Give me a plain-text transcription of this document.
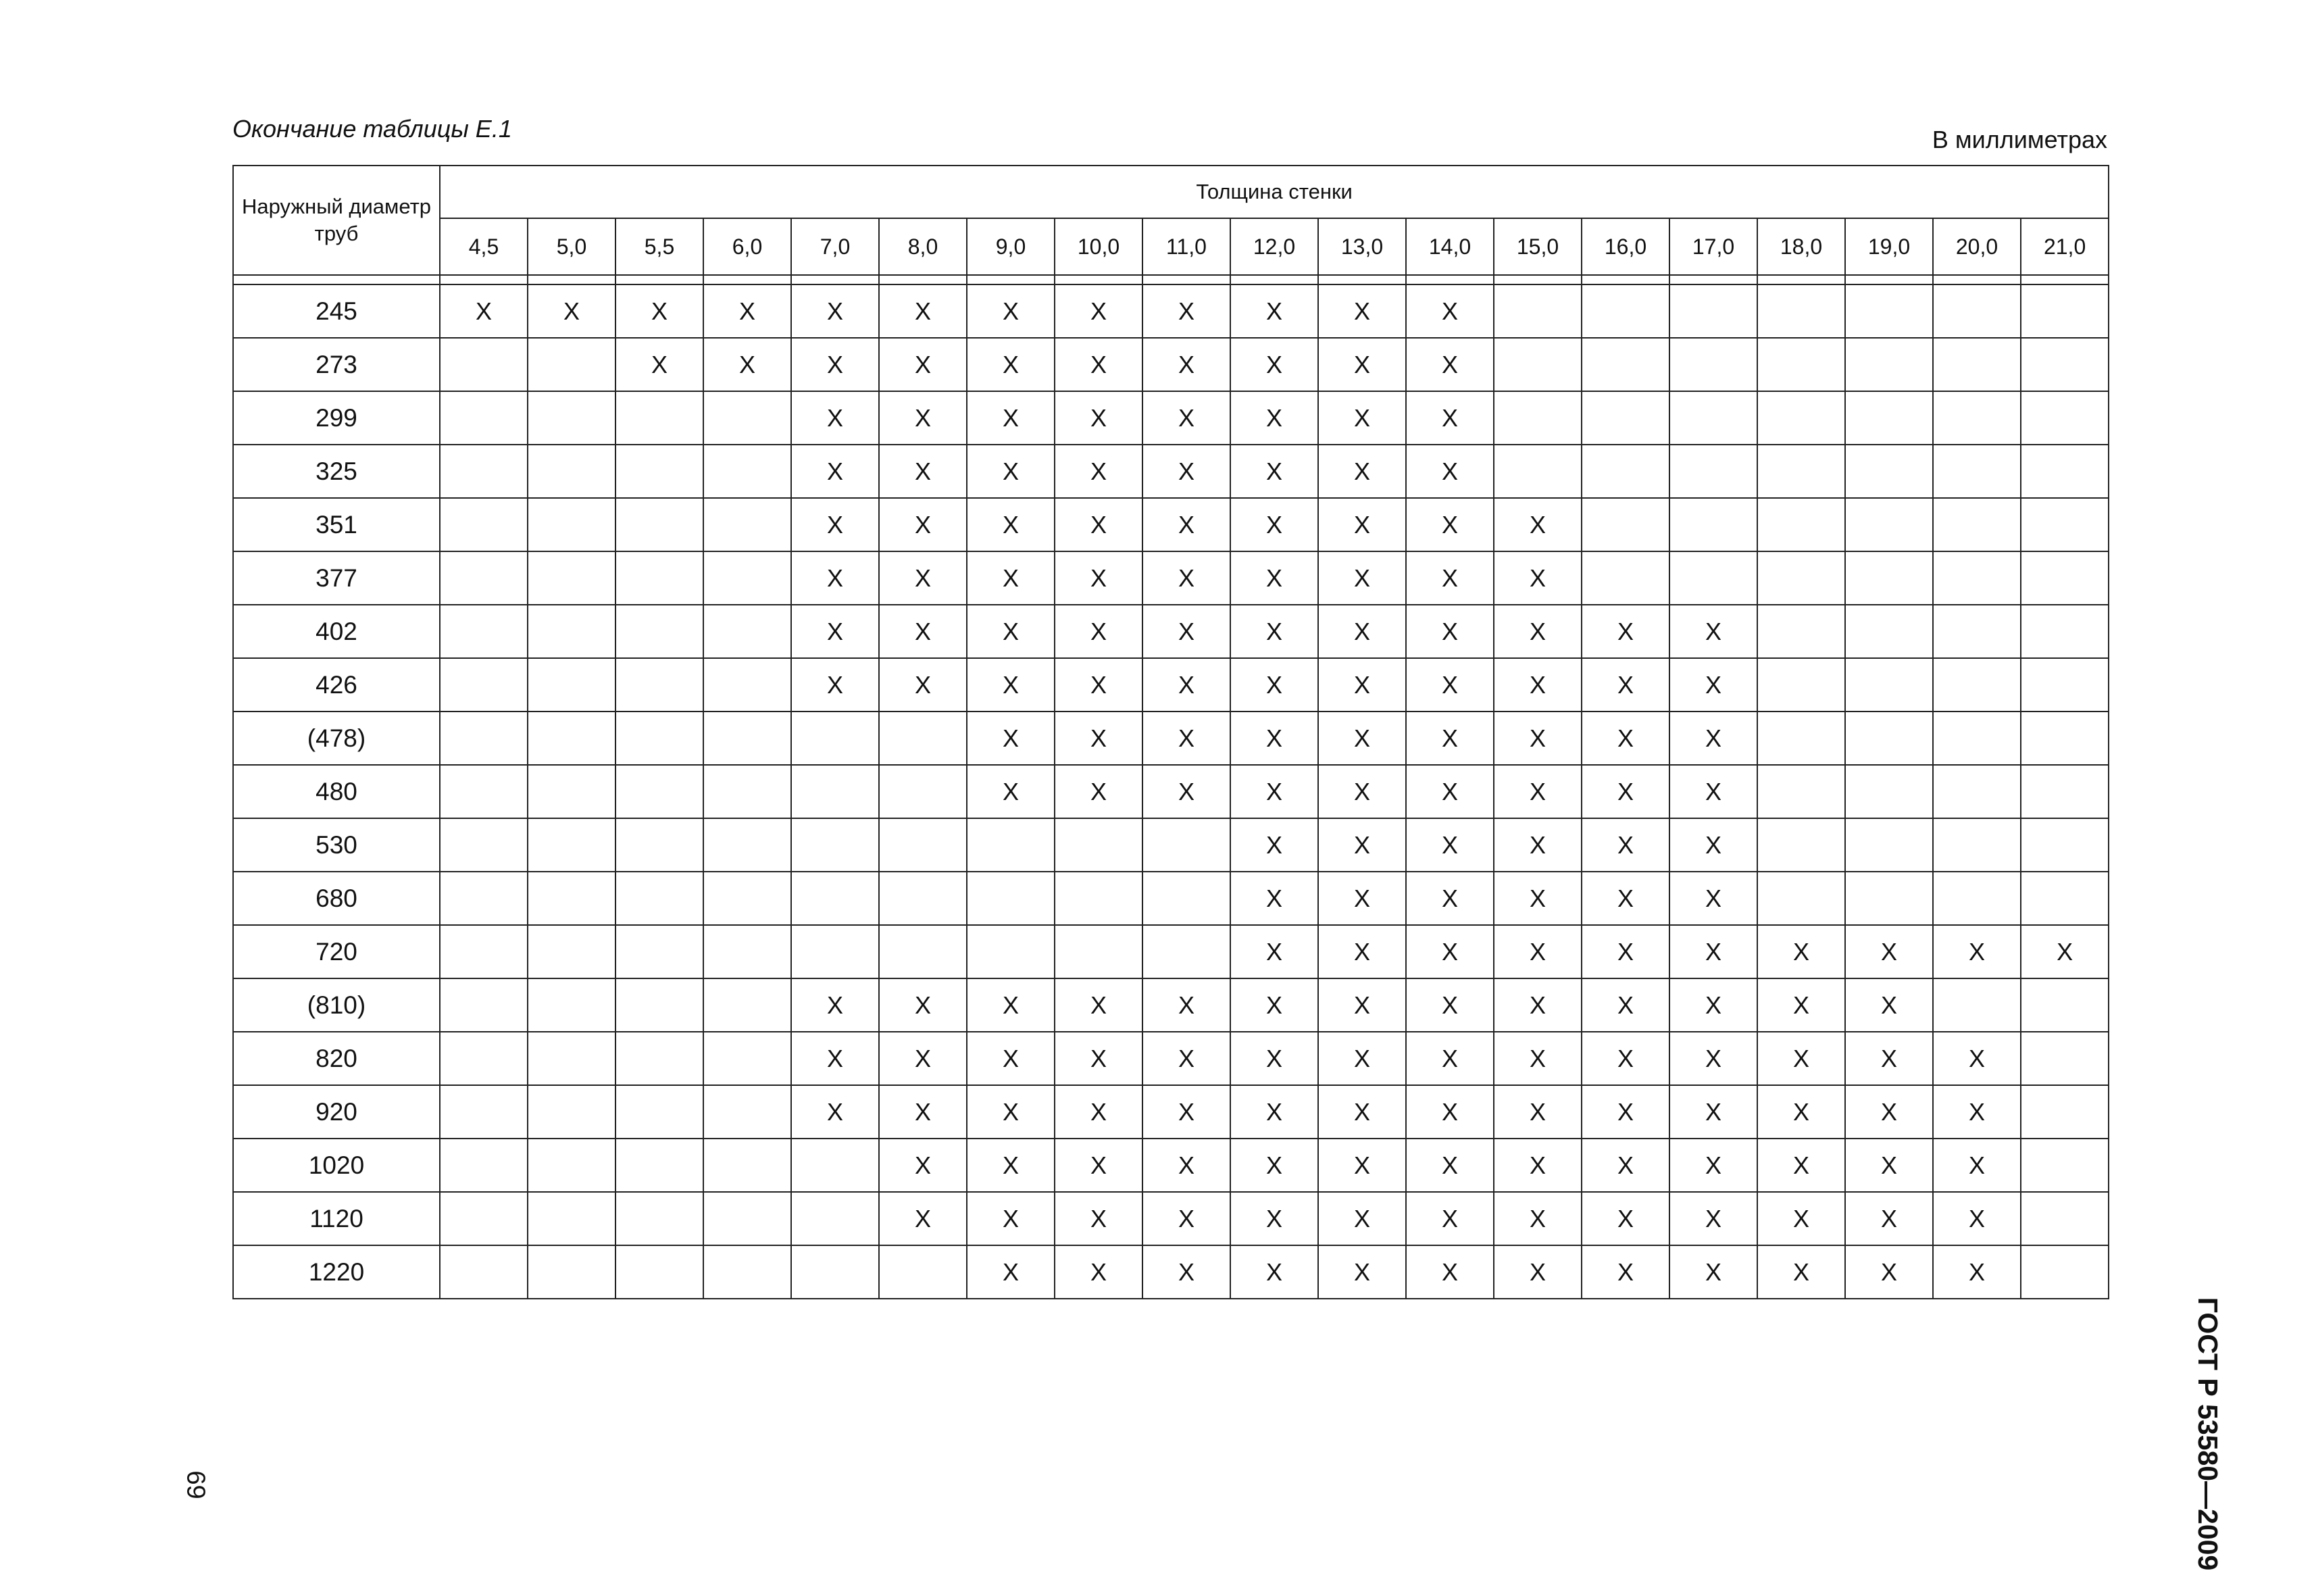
Окончание таблицы Е.1	В миллиметрах
Наружный диаметр труб	Толщина стенки																		
	4,5	5,0	5,5	6,0	7,0	8,0	9,0	10,0	11,0	12,0	13,0	14,0	15,0	16,0	17,0	18,0	19,0	20,0	21,0

245	X	X	X	X	X	X	X	X	X	X	X	X							
273			X	X	X	X	X	X	X	X	X	X							
299					X	X	X	X	X	X	X	X							
325					X	X	X	X	X	X	X	X							
351					X	X	X	X	X	X	X	X	X						
377					X	X	X	X	X	X	X	X	X						
402					X	X	X	X	X	X	X	X	X	X	X				
426					X	X	X	X	X	X	X	X	X	X	X				
(478)							X	X	X	X	X	X	X	X	X				
480							X	X	X	X	X	X	X	X	X				
530										X	X	X	X	X	X				
680										X	X	X	X	X	X				
720										X	X	X	X	X	X	X	X	X	X
(810)					X	X	X	X	X	X	X	X	X	X	X	X	X		
820					X	X	X	X	X	X	X	X	X	X	X	X	X	X	
920					X	X	X	X	X	X	X	X	X	X	X	X	X	X	
1020						X	X	X	X	X	X	X	X	X	X	X	X	X	
1120						X	X	X	X	X	X	X	X	X	X	X	X	X	
1220							X	X	X	X	X	X	X	X	X	X	X	X	
69	ГОСТ Р 53580—2009
